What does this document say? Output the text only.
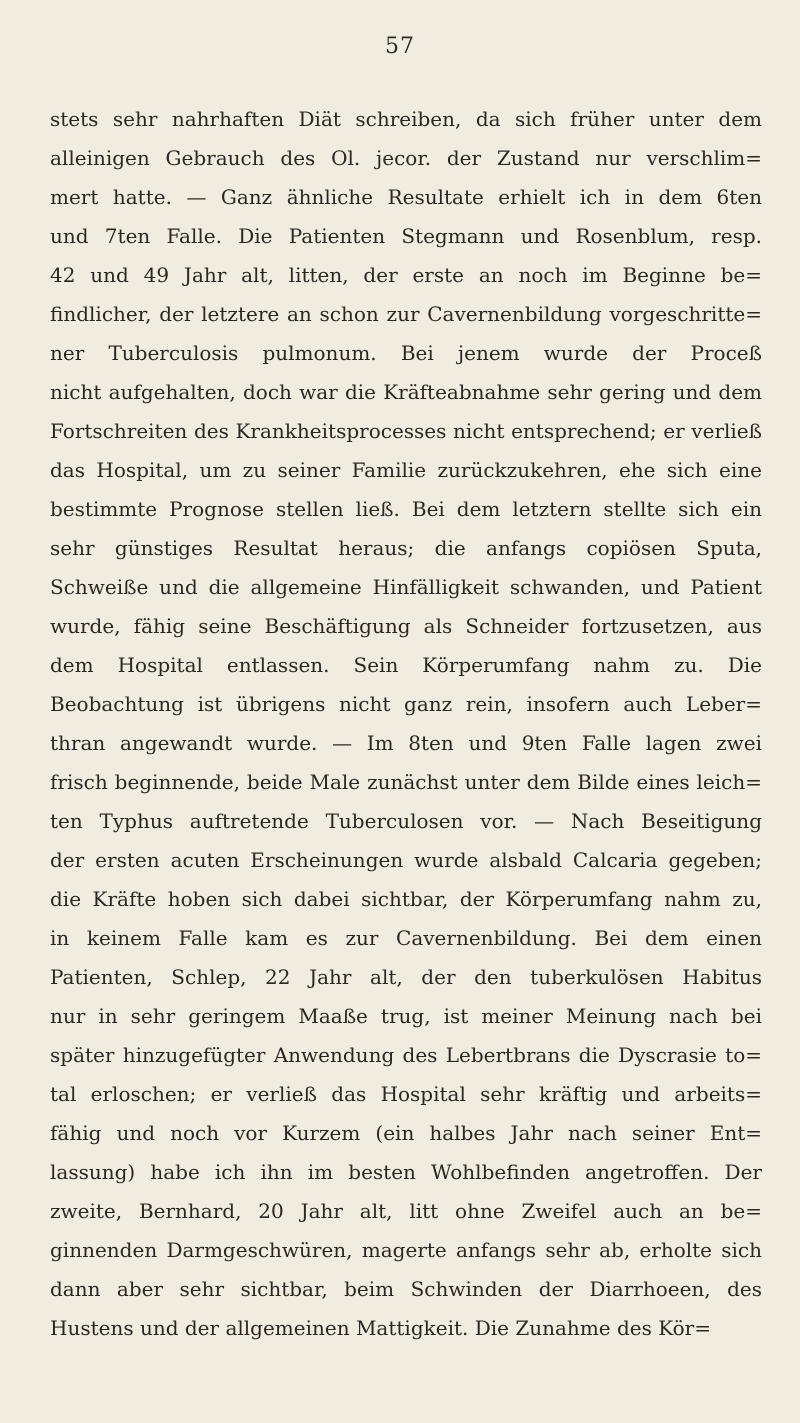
57
stets sehr nahrhaften Diät schreiben, da sich früher unter dem
alleinigen Gebrauch des Ol. jecor. der Zustand nur verschlim=
mert hatte. — Ganz ähnliche Resultate erhielt ich in dem 6ten
und 7ten Falle. Die Patienten Stegmann und Rosenblum, resp.
42 und 49 Jahr alt, litten, der erste an noch im Beginne be=
findlicher, der letztere an schon zur Cavernenbildung vorgeschritte=
ner Tuberculosis pulmonum. Bei jenem wurde der Proceß
nicht aufgehalten, doch war die Kräfteabnahme sehr gering und dem
Fortschreiten des Krankheitsprocesses nicht entsprechend; er verließ
das Hospital, um zu seiner Familie zurückzukehren, ehe sich eine
bestimmte Prognose stellen ließ. Bei dem letztern stellte sich ein
sehr günstiges Resultat heraus; die anfangs copiösen Sputa,
Schweiße und die allgemeine Hinfälligkeit schwanden, und Patient
wurde, fähig seine Beschäftigung als Schneider fortzusetzen, aus
dem Hospital entlassen. Sein Körperumfang nahm zu. Die
Beobachtung ist übrigens nicht ganz rein, insofern auch Leber=
thran angewandt wurde. — Im 8ten und 9ten Falle lagen zwei
frisch beginnende, beide Male zunächst unter dem Bilde eines leich=
ten Typhus auftretende Tuberculosen vor. — Nach Beseitigung
der ersten acuten Erscheinungen wurde alsbald Calcaria gegeben;
die Kräfte hoben sich dabei sichtbar, der Körperumfang nahm zu,
in keinem Falle kam es zur Cavernenbildung. Bei dem einen
Patienten, Schlep, 22 Jahr alt, der den tuberkulösen Habitus
nur in sehr geringem Maaße trug, ist meiner Meinung nach bei
später hinzugefügter Anwendung des Lebertbrans die Dyscrasie to=
tal erloschen; er verließ das Hospital sehr kräftig und arbeits=
fähig und noch vor Kurzem (ein halbes Jahr nach seiner Ent=
lassung) habe ich ihn im besten Wohlbefinden angetroffen. Der
zweite, Bernhard, 20 Jahr alt, litt ohne Zweifel auch an be=
ginnenden Darmgeschwüren, magerte anfangs sehr ab, erholte sich
dann aber sehr sichtbar, beim Schwinden der Diarrhoeen, des
Hustens und der allgemeinen Mattigkeit. Die Zunahme des Kör=
